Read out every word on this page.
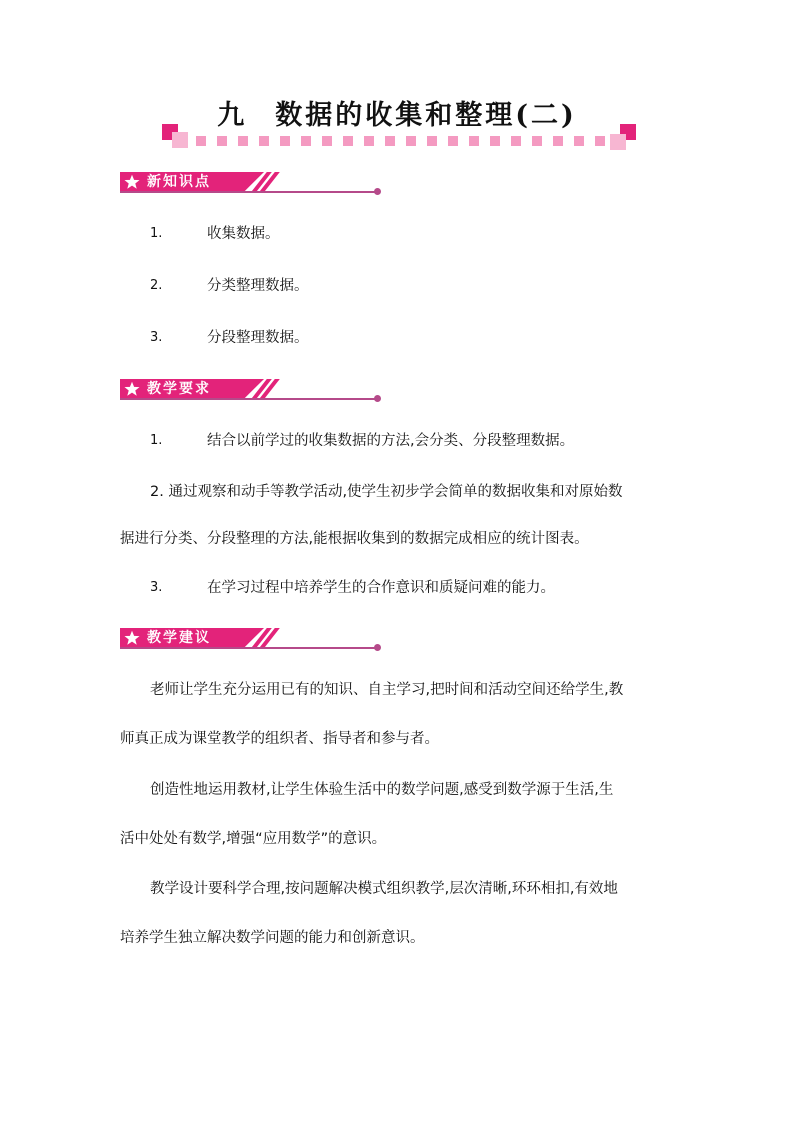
九 数据的收集和整理(二)
新知识点
1.	收集数据。
2.	分类整理数据。
3.	分段整理数据。
教学要求
1.	结合以前学过的收集数据的方法,会分类、分段整理数据。
2. 通过观察和动手等教学活动,使学生初步学会简单的数据收集和对原始数
据进行分类、分段整理的方法,能根据收集到的数据完成相应的统计图表。
3.	在学习过程中培养学生的合作意识和质疑问难的能力。
教学建议
老师让学生充分运用已有的知识、自主学习,把时间和活动空间还给学生,教
师真正成为课堂教学的组织者、指导者和参与者。
创造性地运用教材,让学生体验生活中的数学问题,感受到数学源于生活,生
活中处处有数学,增强“应用数学”的意识。
教学设计要科学合理,按问题解决模式组织教学,层次清晰,环环相扣,有效地
培养学生独立解决数学问题的能力和创新意识。
